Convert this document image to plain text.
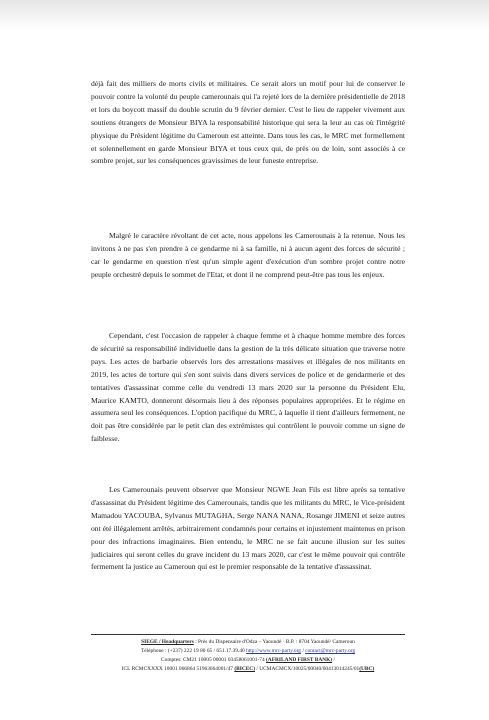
déjà fait des milliers de morts civils et militaires. Ce serait alors un motif pour lui de conserver le pouvoir contre la volonté du peuple camerounais qui l'a rejeté lors de la dernière présidentielle de 2018 et lors du boycott massif du double scrutin du 9 février dernier. C'est le lieu de rappeler vivement aux soutiens étrangers de Monsieur BIYA la responsabilité historique qui sera la leur au cas où l'intégrité physique du Président légitime du Cameroun est atteinte. Dans tous les cas, le MRC met formellement et solennellement en garde Monsieur BIYA et tous ceux qui, de près ou de loin, sont associés à ce sombre projet, sur les conséquences gravissimes de leur funeste entreprise.

Malgré le caractère révoltant de cet acte, nous appelons les Camerounais à la retenue. Nous les invitons à ne pas s'en prendre à ce gendarme ni à sa famille, ni à aucun agent des forces de sécurité ; car le gendarme en question n'est qu'un simple agent d'exécution d'un sombre projet contre notre peuple orchestré depuis le sommet de l'Etat, et dont il ne comprend peut-être pas tous les enjeux.

Cependant, c'est l'occasion de rappeler à chaque femme et à chaque homme membre des forces de sécurité sa responsabilité individuelle dans la gestion de la très délicate situation que traverse notre pays. Les actes de barbarie observés lors des arrestations massives et illégales de nos militants en 2019, les actes de torture qui s'en sont suivis dans divers services de police et de gendarmerie et des tentatives d'assassinat comme celle du vendredi 13 mars 2020 sur la personne du Président Elu, Maurice KAMTO, donneront désormais lieu à des réponses populaires appropriées. Et le régime en assumera seul les conséquences. L'option pacifique du MRC, à laquelle il tient d'ailleurs fermement, ne doit pas être considérée par le petit clan des extrémistes qui contrôlent le pouvoir comme un signe de faiblesse.

Les Camerounais peuvent observer que Monsieur NGWE Jean Fils est libre après sa tentative d'assassinat du Président légitime des Camerounais, tandis que les militants du MRC, le Vice-président Mamadou YACOUBA, Sylvanus MUTAGHA, Serge NANA NANA, Rosange JIMENI et seize autres ont été illégalement arrêtés, arbitrairement condamnés pour certains et injustement maintenus en prison pour des infractions imaginaires. Bien entendu, le MRC ne se fait aucune illusion sur les suites judiciaires qui seront celles du grave incident du 13 mars 2020, car c'est le même pouvoir qui contrôle fermement la justice au Cameroun qui est le premier responsable de la tentative d'assassinat.

SIEGE / Headquarters : Près du Dispensaire d'Odza – Yaoundé · B.P. : 8704 Yaoundé/ Cameroun
Téléphone : (+237) 222 19 80 65 / 651.17.39.40 http://www.mrc-party.org / contact@mrc-party.org
Comptes: CM21 10005 00001 03458061001-74 (AFRILAND FIRST BANK) /
ICL RCMCXXXX 10001 066864 51963664001/47 (BICEC) / UCMACMCX/10025/00040/00413014245/01(UBC)
